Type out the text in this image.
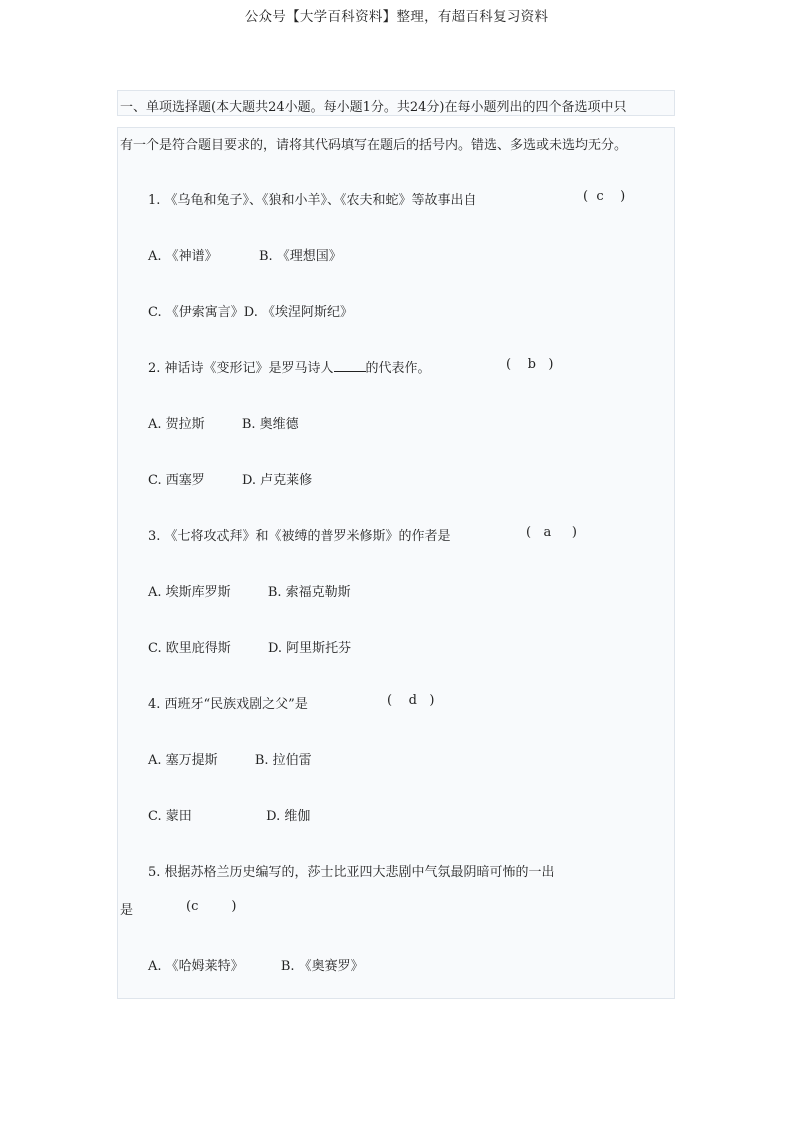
公众号【大学百科资料】整理，有超百科复习资料
一、单项选择题(本大题共24小题。每小题1分。共24分)在每小题列出的四个备选项中只
有一个是符合题目要求的，请将其代码填写在题后的括号内。错选、多选或未选均无分。
1. 《乌龟和兔子》、《狼和小羊》、《农夫和蛇》等故事出自	(  c    )
A. 《神谱》          B. 《理想国》
C. 《伊索寓言》D. 《埃涅阿斯纪》
2. 神话诗《变形记》是罗马诗人 的代表作。	(    b   )
A. 贺拉斯         B. 奥维德
C. 西塞罗         D. 卢克莱修
3. 《七将攻忒拜》和《被缚的普罗米修斯》的作者是	(   a     )
A. 埃斯库罗斯         B. 索福克勒斯
C. 欧里庇得斯         D. 阿里斯托芬
4. 西班牙“民族戏剧之父”是	(    d   )
A. 塞万提斯         B. 拉伯雷
C. 蒙田                  D. 维伽
5. 根据苏格兰历史编写的，莎士比亚四大悲剧中气氛最阴暗可怖的一出
是	(c        )
A. 《哈姆莱特》         B. 《奥赛罗》
